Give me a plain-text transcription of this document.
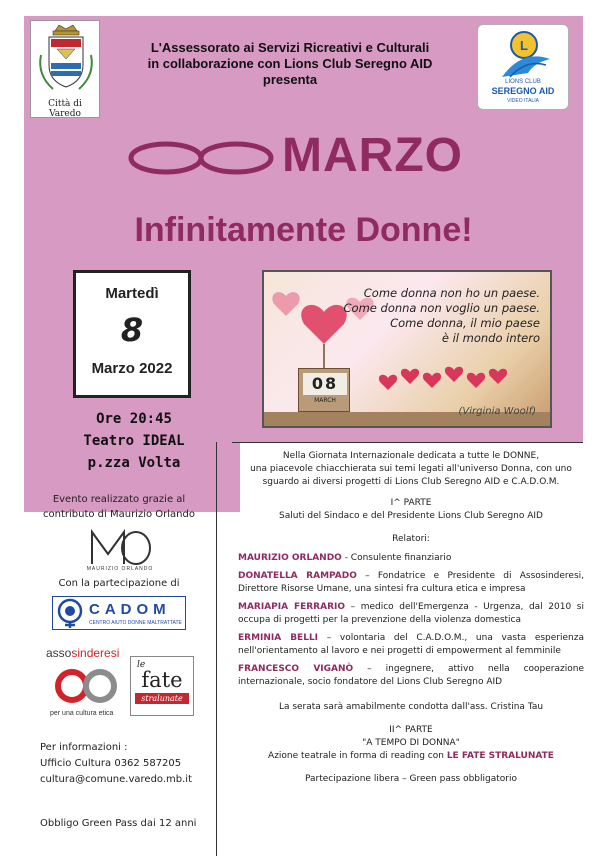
Città di Varedo
L'Assessorato ai Servizi Ricreativi e Culturali
in collaborazione con Lions Club Seregno AID
presenta
L
LIONS CLUB
SEREGNO AID
VIDEO ITALIA
MARZO
Infinitamente Donne!
Martedì
8
Marzo 2022
Ore 20:45
Teatro IDEAL
p.zza Volta
08
MARCH
Come donna non ho un paese.
Come donna non voglio un paese.
Come donna, il mio paese
è il mondo intero
(Virginia Woolf)
Evento realizzato grazie al
contributo di Maurizio Orlando
MAURIZIO ORLANDO
Con la partecipazione di
CADOM
CENTRO AIUTO DONNE MALTRATTATE
assosinderesi
per una cultura etica
le
fate
stralunate
Per informazioni :
Ufficio Cultura 0362 587205
cultura@comune.varedo.mb.it
Obbligo Green Pass dai 12 anni
Nella Giornata Internazionale dedicata a tutte le DONNE,
una piacevole chiacchierata sui temi legati all'universo Donna, con uno
sguardo ai diversi progetti di Lions Club Seregno AID e C.A.D.O.M.
I^ PARTE
Saluti del Sindaco e del Presidente Lions Club Seregno AID
Relatori:
MAURIZIO ORLANDO - Consulente finanziario
DONATELLA RAMPADO – Fondatrice e Presidente di Assosinderesi, Direttore Risorse Umane, una sintesi fra cultura etica e impresa
MARIAPIA FERRARIO – medico dell'Emergenza - Urgenza, dal 2010 si occupa di progetti per la prevenzione della violenza domestica
ERMINIA BELLI – volontaria del C.A.D.O.M., una vasta esperienza nell'orientamento al lavoro e nei progetti di empowerment al femminile
FRANCESCO VIGANÒ – ingegnere, attivo nella cooperazione internazionale, socio fondatore del Lions Club Seregno AID
La serata sarà amabilmente condotta dall'ass. Cristina Tau
II^ PARTE
"A TEMPO DI DONNA"
Azione teatrale in forma di reading con LE FATE STRALUNATE
Partecipazione libera – Green pass obbligatorio
